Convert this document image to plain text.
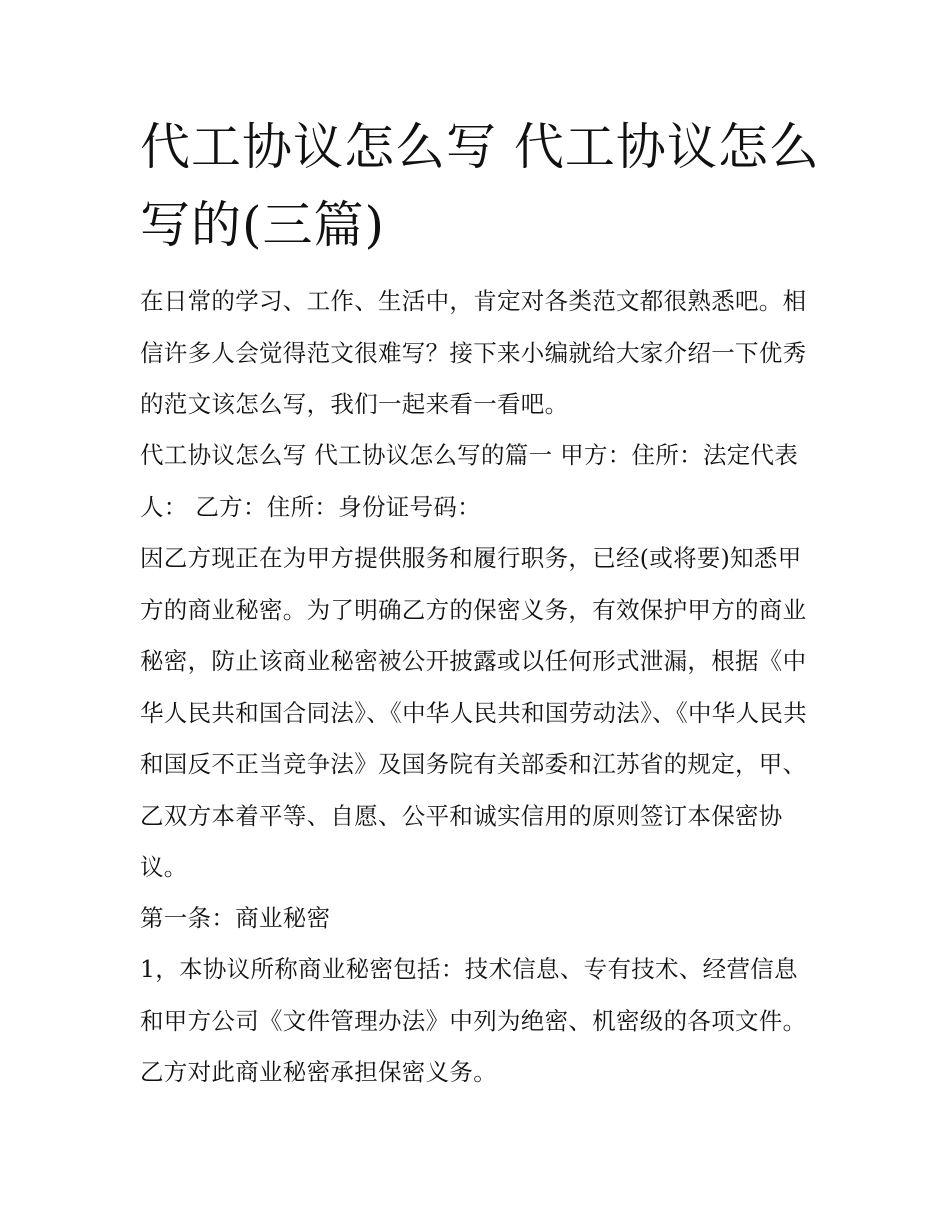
代工协议怎么写 代工协议怎么写的(三篇)

在日常的学习、工作、生活中，肯定对各类范文都很熟悉吧。相信许多人会觉得范文很难写？接下来小编就给大家介绍一下优秀的范文该怎么写，我们一起来看一看吧。

代工协议怎么写 代工协议怎么写的篇一 甲方：住所：法定代表人： 乙方：住所：身份证号码：

因乙方现正在为甲方提供服务和履行职务，已经(或将要)知悉甲方的商业秘密。为了明确乙方的保密义务，有效保护甲方的商业秘密，防止该商业秘密被公开披露或以任何形式泄漏，根据《中华人民共和国合同法》、《中华人民共和国劳动法》、《中华人民共和国反不正当竞争法》及国务院有关部委和江苏省的规定，甲、乙双方本着平等、自愿、公平和诚实信用的原则签订本保密协议。

第一条：商业秘密

1，本协议所称商业秘密包括：技术信息、专有技术、经营信息和甲方公司《文件管理办法》中列为绝密、机密级的各项文件。乙方对此商业秘密承担保密义务。
